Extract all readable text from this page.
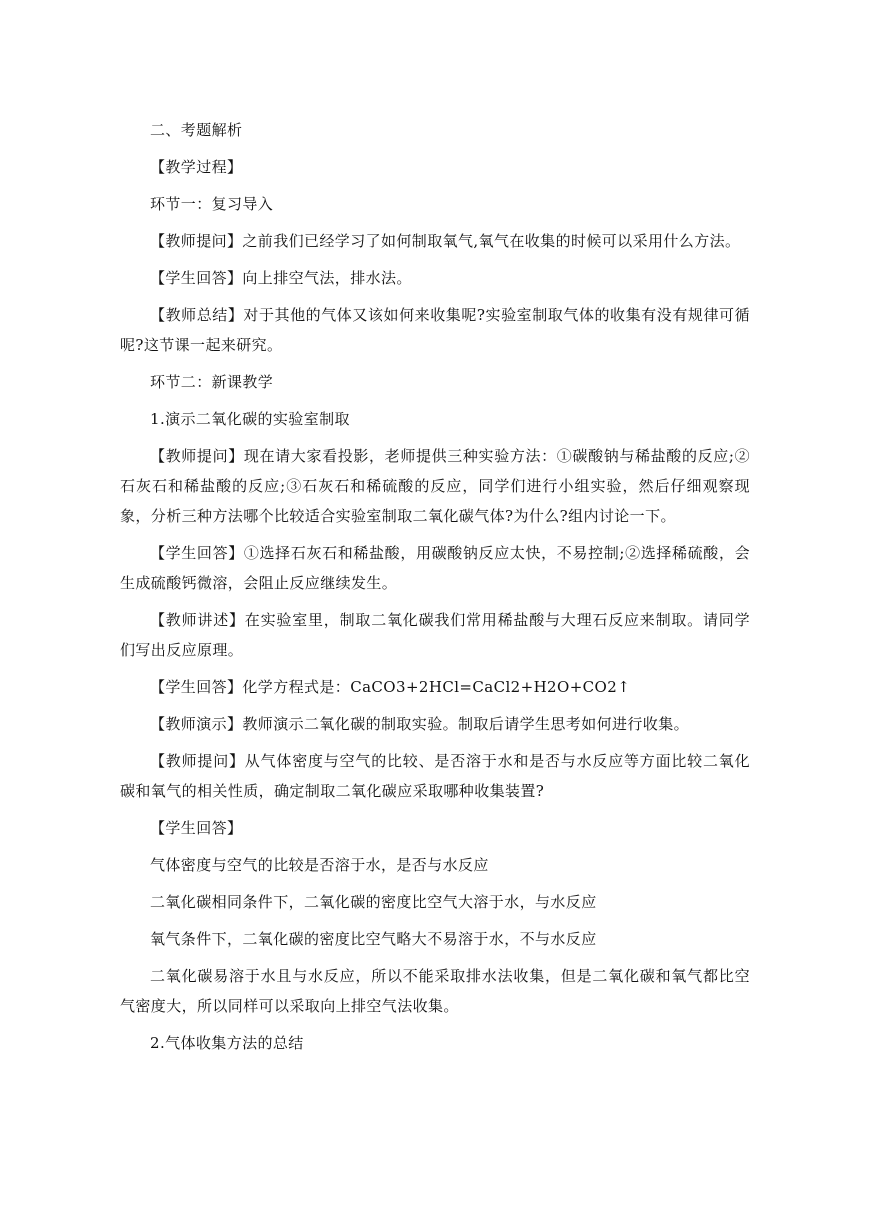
二、考题解析

【教学过程】

环节一：复习导入

【教师提问】之前我们已经学习了如何制取氧气,氧气在收集的时候可以采用什么方法。

【学生回答】向上排空气法，排水法。

【教师总结】对于其他的气体又该如何来收集呢?实验室制取气体的收集有没有规律可循呢?这节课一起来研究。

环节二：新课教学

1.演示二氧化碳的实验室制取

【教师提问】现在请大家看投影，老师提供三种实验方法：①碳酸钠与稀盐酸的反应;②石灰石和稀盐酸的反应;③石灰石和稀硫酸的反应，同学们进行小组实验，然后仔细观察现象，分析三种方法哪个比较适合实验室制取二氧化碳气体?为什么?组内讨论一下。

【学生回答】①选择石灰石和稀盐酸，用碳酸钠反应太快，不易控制;②选择稀硫酸，会生成硫酸钙微溶，会阻止反应继续发生。

【教师讲述】在实验室里，制取二氧化碳我们常用稀盐酸与大理石反应来制取。请同学们写出反应原理。

【学生回答】化学方程式是：CaCO3+2HCl=CaCl2+H2O+CO2↑

【教师演示】教师演示二氧化碳的制取实验。制取后请学生思考如何进行收集。

【教师提问】从气体密度与空气的比较、是否溶于水和是否与水反应等方面比较二氧化碳和氧气的相关性质，确定制取二氧化碳应采取哪种收集装置?

【学生回答】

气体密度与空气的比较是否溶于水，是否与水反应

二氧化碳相同条件下，二氧化碳的密度比空气大溶于水，与水反应

氧气条件下，二氧化碳的密度比空气略大不易溶于水，不与水反应

二氧化碳易溶于水且与水反应，所以不能采取排水法收集，但是二氧化碳和氧气都比空气密度大，所以同样可以采取向上排空气法收集。

2.气体收集方法的总结
